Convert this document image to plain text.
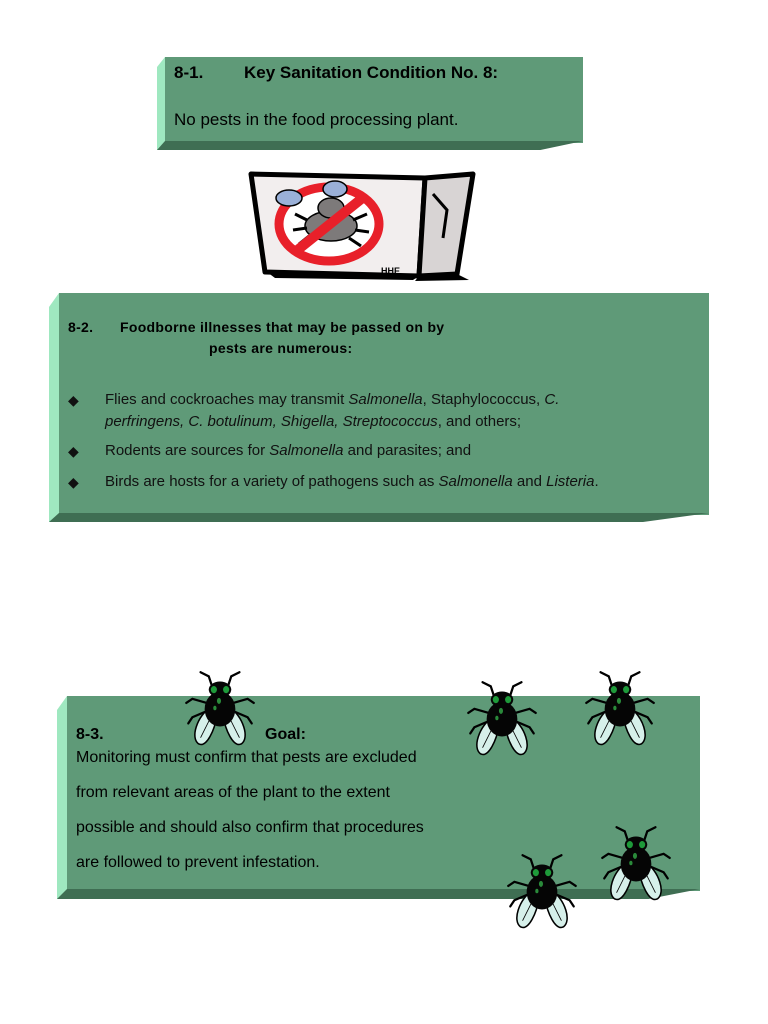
8-1. Key Sanitation Condition No. 8:
No pests in the food processing plant.
HHE
8-2. Foodborne illnesses that may be passed on by
pests are numerous:
◆ Flies and cockroaches may transmit Salmonella, Staphylococcus, C.
perfringens, C. botulinum, Shigella, Streptococcus, and others;
◆ Rodents are sources for Salmonella and parasites; and
◆ Birds are hosts for a variety of pathogens such as Salmonella and Listeria.
8-3.	Goal:
Monitoring must confirm that pests are excluded
from relevant areas of the plant to the extent
possible and should also confirm that procedures
are followed to prevent infestation.
